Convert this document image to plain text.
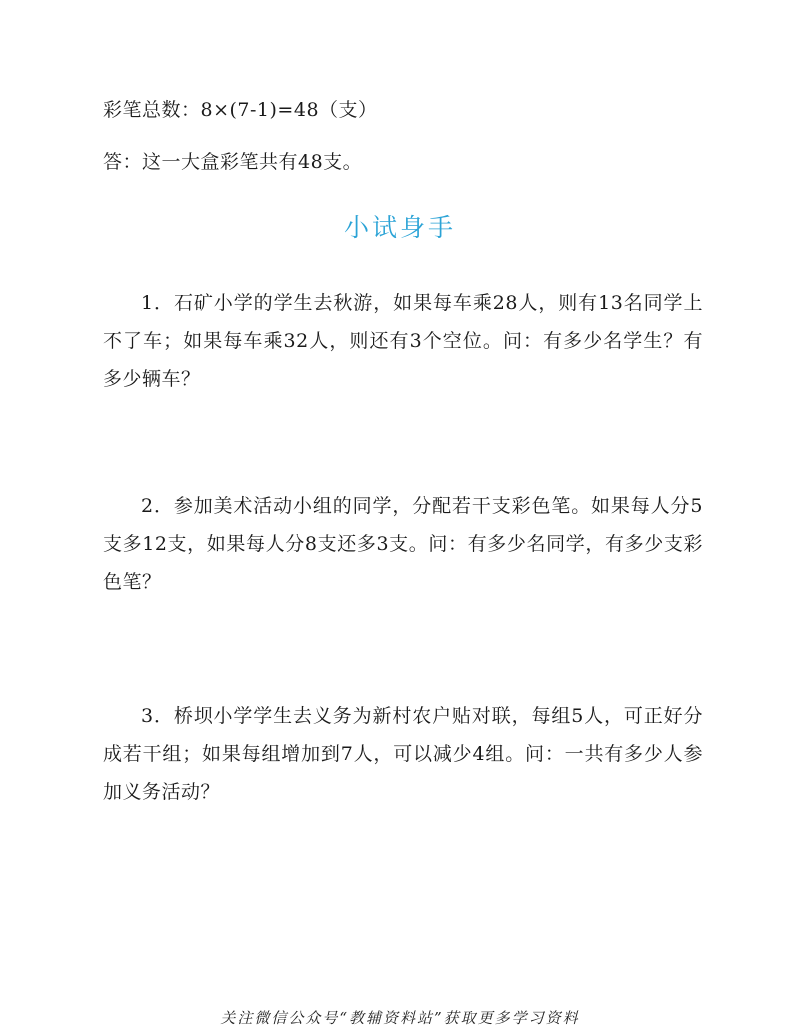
彩笔总数：8×(7-1)=48（支）
答：这一大盒彩笔共有48支。
小试身手
1．石矿小学的学生去秋游，如果每车乘28人，则有13名同学上不了车；如果每车乘32人，则还有3个空位。问：有多少名学生？有多少辆车？
2．参加美术活动小组的同学，分配若干支彩色笔。如果每人分5支多12支，如果每人分8支还多3支。问：有多少名同学，有多少支彩色笔？
3．桥坝小学学生去义务为新村农户贴对联，每组5人，可正好分成若干组；如果每组增加到7人，可以减少4组。问：一共有多少人参加义务活动？
关注微信公众号“教辅资料站”获取更多学习资料
